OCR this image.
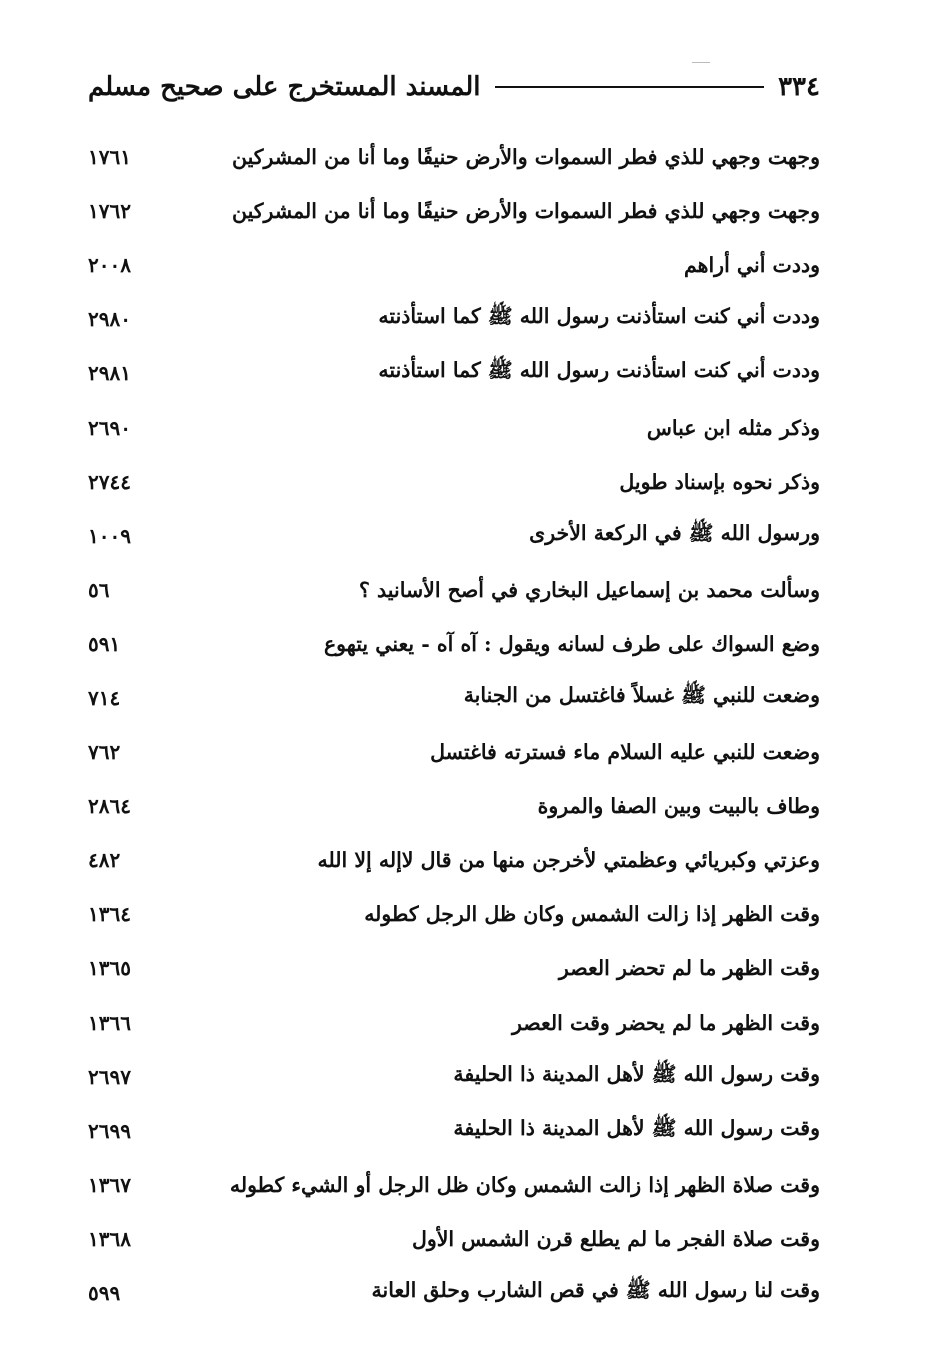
٣٣٤
المسند المستخرج على صحيح مسلم
وجهت وجهي للذي فطر السموات والأرض حنيفًا وما أنا من المشركين
١٧٦١
وجهت وجهي للذي فطر السموات والأرض حنيفًا وما أنا من المشركين
١٧٦٢
وددت أني أراهم
٢٠٠٨
وددت أني كنت استأذنت رسول الله ﷺ كما استأذنته
٢٩٨٠
وددت أني كنت استأذنت رسول الله ﷺ كما استأذنته
٢٩٨١
وذكر مثله ابن عباس
٢٦٩٠
وذكر نحوه بإسناد طويل
٢٧٤٤
ورسول الله ﷺ في الركعة الأخرى
١٠٠٩
وسألت محمد بن إسماعيل البخاري في أصح الأسانيد ؟
٥٦
وضع السواك على طرف لسانه ويقول : آه آه - يعني يتهوع
٥٩١
وضعت للنبي ﷺ غسلاً فاغتسل من الجنابة
٧١٤
وضعت للنبي عليه السلام ماء فسترته فاغتسل
٧٦٢
وطاف بالبيت وبين الصفا والمروة
٢٨٦٤
وعزتي وكبريائي وعظمتي لأخرجن منها من قال لاإله إلا الله
٤٨٢
وقت الظهر إذا زالت الشمس وكان ظل الرجل كطوله
١٣٦٤
وقت الظهر ما لم تحضر العصر
١٣٦٥
وقت الظهر ما لم يحضر وقت العصر
١٣٦٦
وقت رسول الله ﷺ لأهل المدينة ذا الحليفة
٢٦٩٧
وقت رسول الله ﷺ لأهل المدينة ذا الحليفة
٢٦٩٩
وقت صلاة الظهر إذا زالت الشمس وكان ظل الرجل أو الشيء كطوله
١٣٦٧
وقت صلاة الفجر ما لم يطلع قرن الشمس الأول
١٣٦٨
وقت لنا رسول الله ﷺ في قص الشارب وحلق العانة
٥٩٩
